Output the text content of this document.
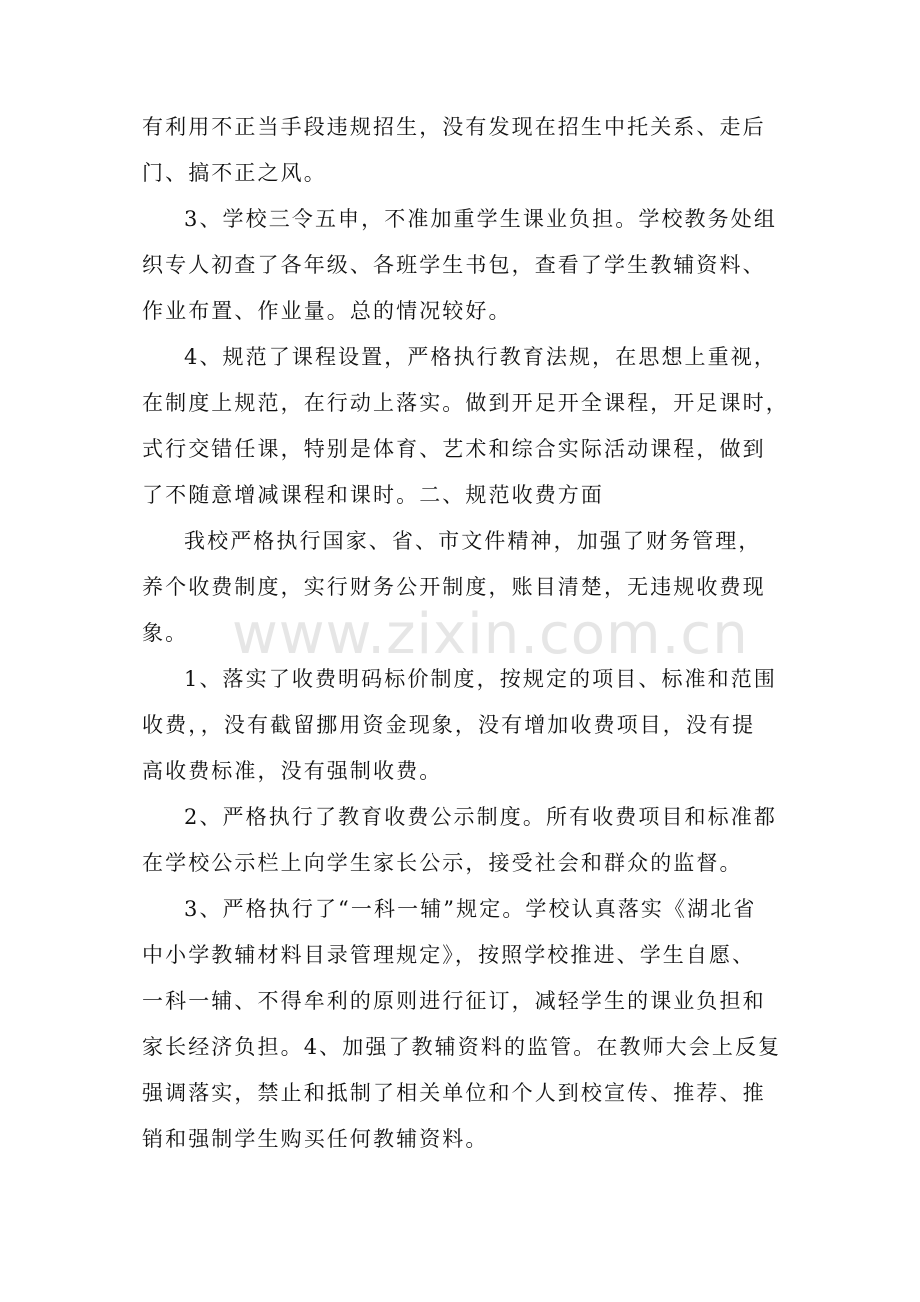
www.zixin.com.cn
有利用不正当手段违规招生，没有发现在招生中托关系、走后
门、搞不正之风。
3、学校三令五申，不准加重学生课业负担。学校教务处组
织专人初查了各年级、各班学生书包，查看了学生教辅资料、
作业布置、作业量。总的情况较好。
4、规范了课程设置，严格执行教育法规，在思想上重视，
在制度上规范，在行动上落实。做到开足开全课程，开足课时，
式行交错任课，特别是体育、艺术和综合实际活动课程，做到
了不随意增减课程和课时。二、规范收费方面
我校严格执行国家、省、市文件精神，加强了财务管理，
养个收费制度，实行财务公开制度，账目清楚，无违规收费现
象。
1、落实了收费明码标价制度，按规定的项目、标准和范围
收费，，没有截留挪用资金现象，没有增加收费项目，没有提
高收费标准，没有强制收费。
2、严格执行了教育收费公示制度。所有收费项目和标准都
在学校公示栏上向学生家长公示，接受社会和群众的监督。
3、严格执行了“一科一辅”规定。学校认真落实《湖北省
中小学教辅材料目录管理规定》，按照学校推进、学生自愿、
一科一辅、不得牟利的原则进行征订，减轻学生的课业负担和
家长经济负担。4、加强了教辅资料的监管。在教师大会上反复
强调落实，禁止和抵制了相关单位和个人到校宣传、推荐、推
销和强制学生购买任何教辅资料。
